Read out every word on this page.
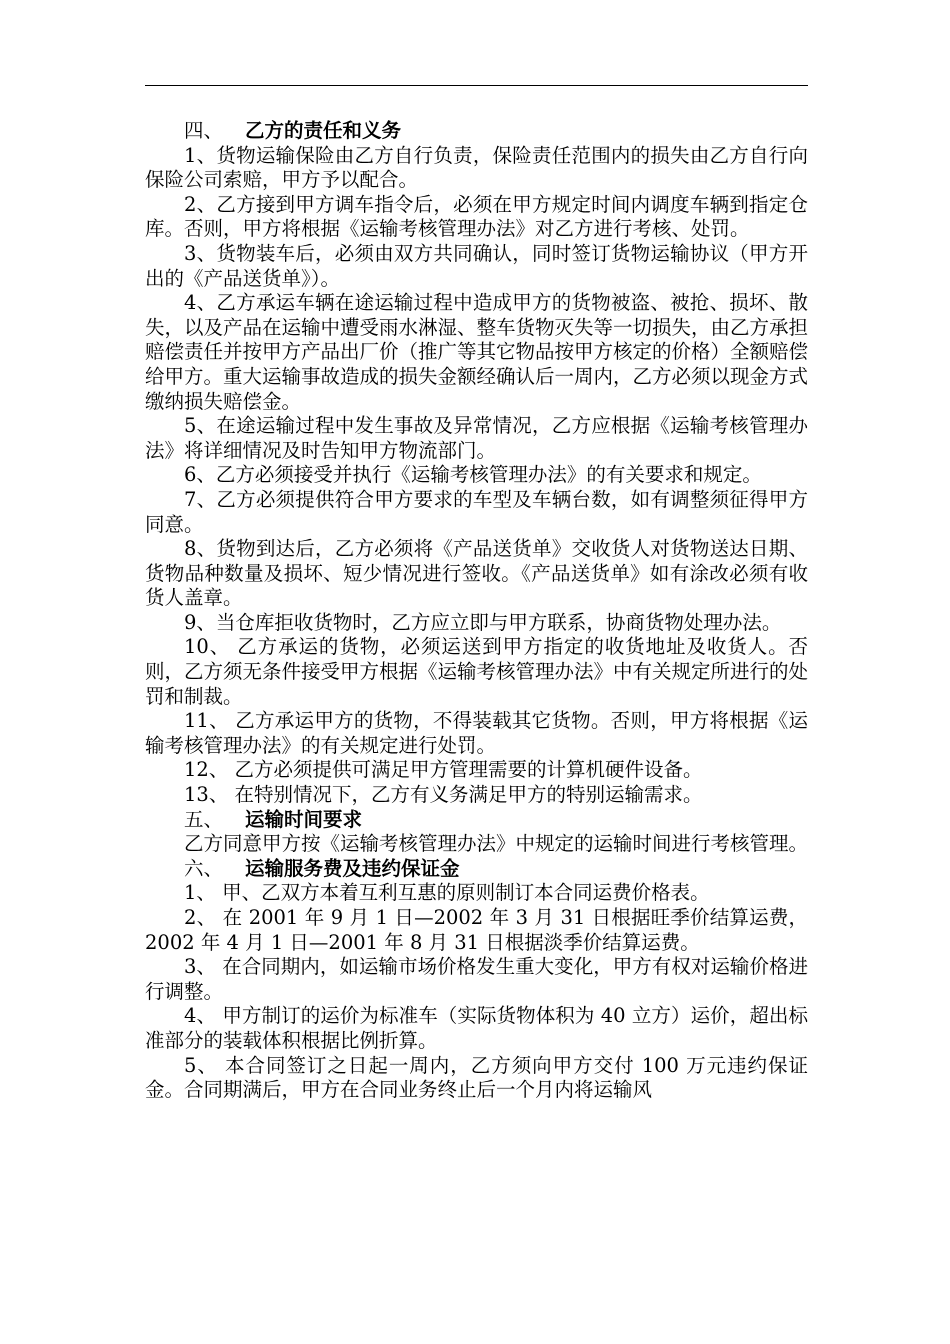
四、 乙方的责任和义务

1、货物运输保险由乙方自行负责，保险责任范围内的损失由乙方自行向保险公司索赔，甲方予以配合。

2、乙方接到甲方调车指令后，必须在甲方规定时间内调度车辆到指定仓库。否则，甲方将根据《运输考核管理办法》对乙方进行考核、处罚。

3、货物装车后，必须由双方共同确认，同时签订货物运输协议（甲方开出的《产品送货单》）。

4、乙方承运车辆在途运输过程中造成甲方的货物被盗、被抢、损坏、散失，以及产品在运输中遭受雨水淋湿、整车货物灭失等一切损失，由乙方承担赔偿责任并按甲方产品出厂价（推广等其它物品按甲方核定的价格）全额赔偿给甲方。重大运输事故造成的损失金额经确认后一周内，乙方必须以现金方式缴纳损失赔偿金。

5、在途运输过程中发生事故及异常情况，乙方应根据《运输考核管理办法》将详细情况及时告知甲方物流部门。

6、乙方必须接受并执行《运输考核管理办法》的有关要求和规定。

7、乙方必须提供符合甲方要求的车型及车辆台数，如有调整须征得甲方同意。

8、货物到达后，乙方必须将《产品送货单》交收货人对货物送达日期、货物品种数量及损坏、短少情况进行签收。《产品送货单》如有涂改必须有收货人盖章。

9、当仓库拒收货物时，乙方应立即与甲方联系，协商货物处理办法。

10、 乙方承运的货物，必须运送到甲方指定的收货地址及收货人。否则，乙方须无条件接受甲方根据《运输考核管理办法》中有关规定所进行的处罚和制裁。

11、 乙方承运甲方的货物，不得装载其它货物。否则，甲方将根据《运输考核管理办法》的有关规定进行处罚。

12、 乙方必须提供可满足甲方管理需要的计算机硬件设备。

13、 在特别情况下，乙方有义务满足甲方的特别运输需求。

五、 运输时间要求

乙方同意甲方按《运输考核管理办法》中规定的运输时间进行考核管理。

六、 运输服务费及违约保证金

1、 甲、乙双方本着互利互惠的原则制订本合同运费价格表。

2、 在 2001 年 9 月 1 日—2002 年 3 月 31 日根据旺季价结算运费，2002 年 4 月 1 日—2001 年 8 月 31 日根据淡季价结算运费。

3、 在合同期内，如运输市场价格发生重大变化，甲方有权对运输价格进行调整。

4、 甲方制订的运价为标准车（实际货物体积为 40 立方）运价，超出标准部分的装载体积根据比例折算。

5、 本合同签订之日起一周内，乙方须向甲方交付 100 万元违约保证金。合同期满后，甲方在合同业务终止后一个月内将运输风
